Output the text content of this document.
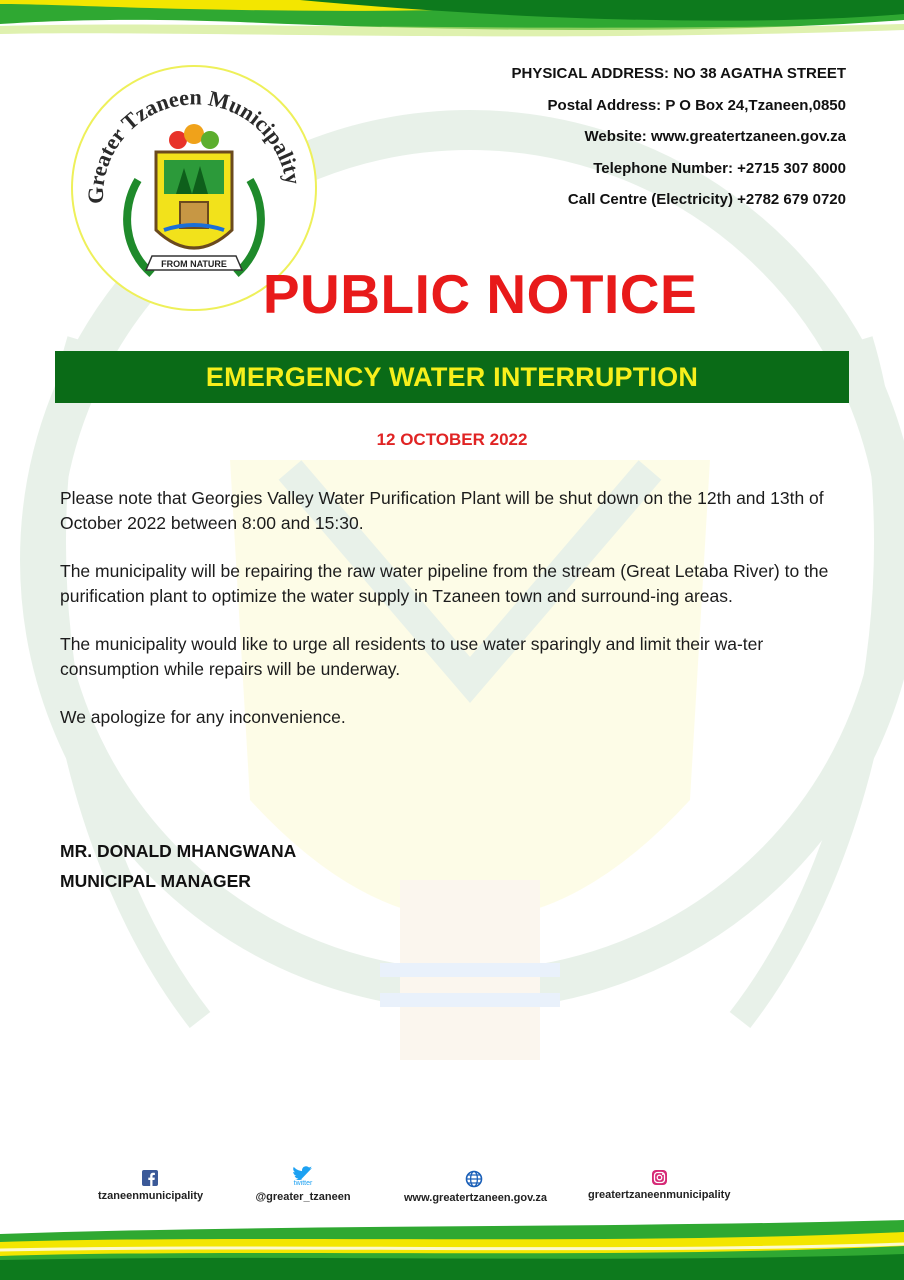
Greater Tzaneen Municipality
FROM NATURE
PHYSICAL ADDRESS: NO 38 AGATHA STREET
Postal Address: P O Box 24,Tzaneen,0850
Website: www.greatertzaneen.gov.za
Telephone Number: +2715 307 8000
Call Centre (Electricity) +2782 679 0720
PUBLIC NOTICE
EMERGENCY WATER INTERRUPTION
12 OCTOBER 2022

Please note that Georgies Valley Water Purification Plant will be shut down on the 12th and 13th of October 2022 between 8:00 and 15:30.

The municipality will be repairing the raw water pipeline from the stream (Great Letaba River) to the purification plant to optimize the water supply in Tzaneen town and surround-ing areas.

The municipality would like to urge all residents to use water sparingly and limit their wa-ter consumption while repairs will be underway.

We apologize for any inconvenience.

MR. DONALD MHANGWANA
MUNICIPAL MANAGER
tzaneenmunicipality
twitter
@greater_tzaneen	www.greatertzaneen.gov.za	greatertzaneenmunicipality
